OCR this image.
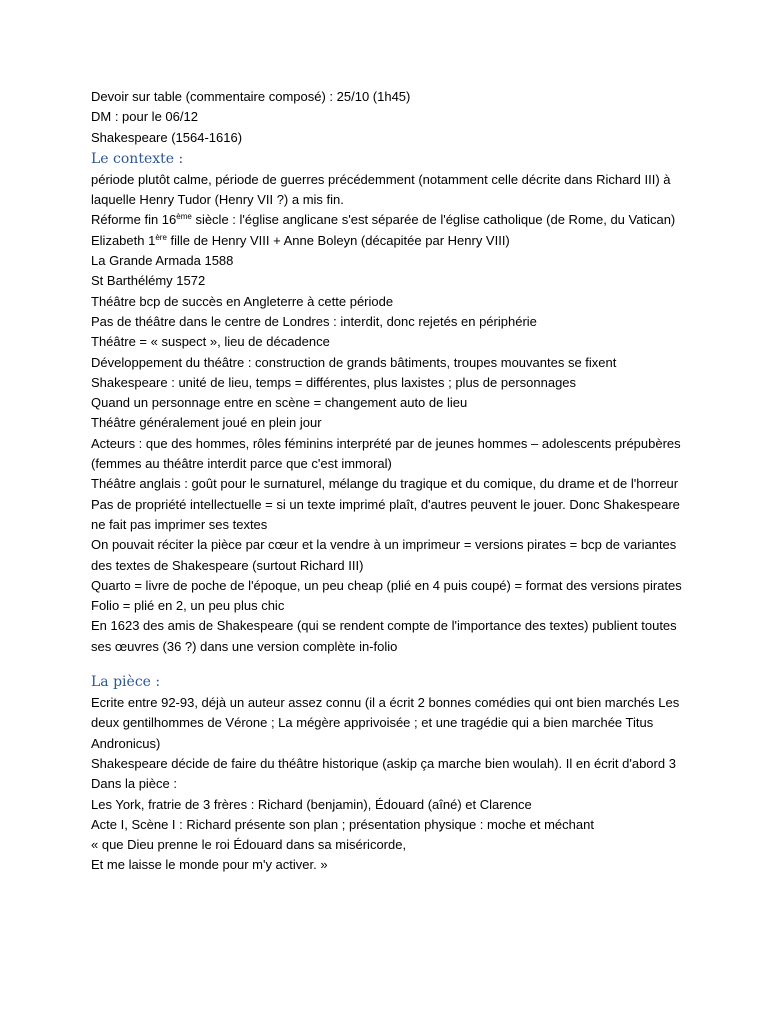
Devoir sur table (commentaire composé) : 25/10 (1h45)

DM : pour le 06/12

Shakespeare (1564-1616)

Le contexte :

période plutôt calme, période de guerres précédemment (notamment celle décrite dans Richard III) à laquelle Henry Tudor (Henry VII ?) a mis fin.

Réforme fin 16ème siècle : l'église anglicane s'est séparée de l'église catholique (de Rome, du Vatican)

Elizabeth 1ère fille de Henry VIII + Anne Boleyn (décapitée par Henry VIII)

La Grande Armada 1588

St Barthélémy 1572

Théâtre bcp de succès en Angleterre à cette période

Pas de théâtre dans le centre de Londres : interdit, donc rejetés en périphérie

Théâtre = « suspect », lieu de décadence

Développement du théâtre : construction de grands bâtiments, troupes mouvantes se fixent

Shakespeare : unité de lieu, temps = différentes, plus laxistes ; plus de personnages

Quand un personnage entre en scène = changement auto de lieu

Théâtre généralement joué en plein jour

Acteurs : que des hommes, rôles féminins interprété par de jeunes hommes – adolescents prépubères (femmes au théâtre interdit parce que c'est immoral)

Théâtre anglais : goût pour le surnaturel, mélange du tragique et du comique, du drame et de l'horreur

Pas de propriété intellectuelle = si un texte imprimé plaît, d'autres peuvent le jouer. Donc Shakespeare ne fait pas imprimer ses textes

On pouvait réciter la pièce par cœur et la vendre à un imprimeur = versions pirates = bcp de variantes des textes de Shakespeare (surtout Richard III)

Quarto = livre de poche de l'époque, un peu cheap (plié en 4 puis coupé) = format des versions pirates

Folio = plié en 2, un peu plus chic

En 1623 des amis de Shakespeare (qui se rendent compte de l'importance des textes) publient toutes ses œuvres (36 ?) dans une version complète in-folio

La pièce :

Ecrite entre 92-93, déjà un auteur assez connu (il a écrit 2 bonnes comédies qui ont bien marchés Les deux gentilhommes de Vérone ; La mégère apprivoisée ; et une tragédie qui a bien marchée Titus Andronicus)

Shakespeare décide de faire du théâtre historique (askip ça marche bien woulah). Il en écrit d'abord 3

Dans la pièce :

Les York, fratrie de 3 frères : Richard (benjamin), Édouard (aîné) et Clarence

Acte I, Scène I : Richard présente son plan ; présentation physique : moche et méchant

« que Dieu prenne le roi Édouard dans sa miséricorde,

Et me laisse le monde pour m'y activer. »
